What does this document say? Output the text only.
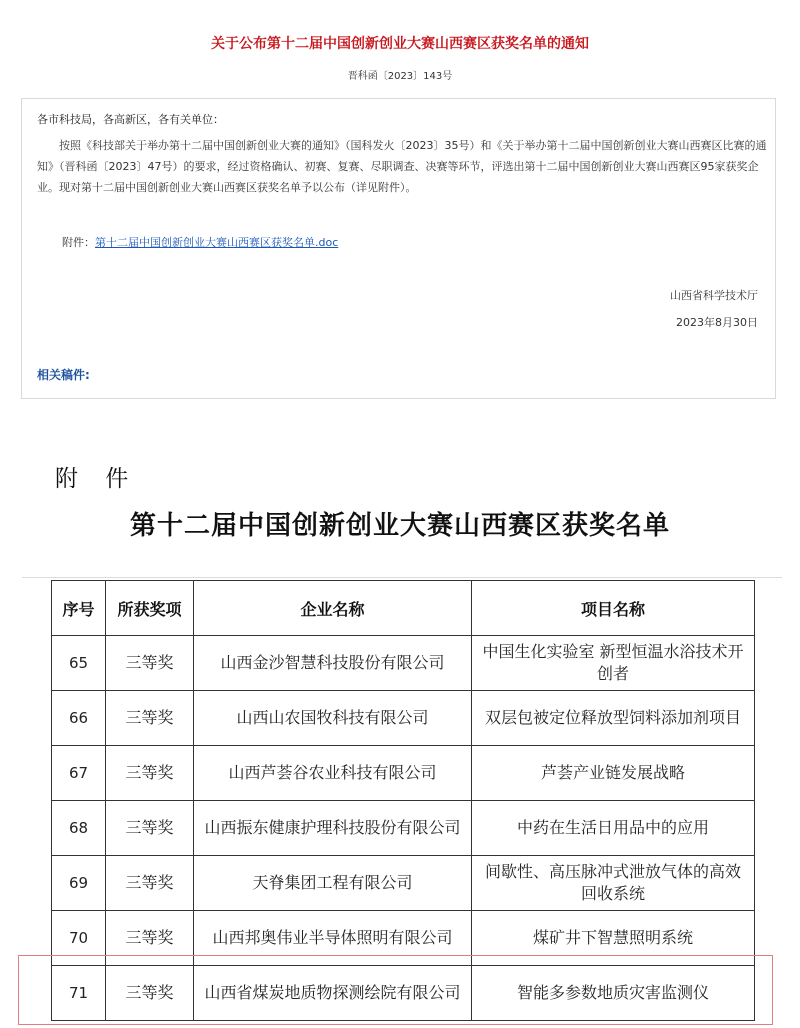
关于公布第十二届中国创新创业大赛山西赛区获奖名单的通知
晋科函〔2023〕143号
各市科技局，各高新区，各有关单位：
按照《科技部关于举办第十二届中国创新创业大赛的通知》（国科发火〔2023〕35号）和《关于举办第十二届中国创新创业大赛山西赛区比赛的通知》（晋科函〔2023〕47号）的要求，经过资格确认、初赛、复赛、尽职调查、决赛等环节，评选出第十二届中国创新创业大赛山西赛区95家获奖企业。现对第十二届中国创新创业大赛山西赛区获奖名单予以公布（详见附件）。
附件：第十二届中国创新创业大赛山西赛区获奖名单.doc
山西省科学技术厅
2023年8月30日
相关稿件:
附 件
第十二届中国创新创业大赛山西赛区获奖名单
序号	所获奖项	企业名称	项目名称
65	三等奖	山西金沙智慧科技股份有限公司	中国生化实验室 新型恒温水浴技术开创者
66	三等奖	山西山农国牧科技有限公司	双层包被定位释放型饲料添加剂项目
67	三等奖	山西芦荟谷农业科技有限公司	芦荟产业链发展战略
68	三等奖	山西振东健康护理科技股份有限公司	中药在生活日用品中的应用
69	三等奖	天脊集团工程有限公司	间歇性、高压脉冲式泄放气体的高效回收系统
70	三等奖	山西邦奥伟业半导体照明有限公司	煤矿井下智慧照明系统
71	三等奖	山西省煤炭地质物探测绘院有限公司	智能多参数地质灾害监测仪
